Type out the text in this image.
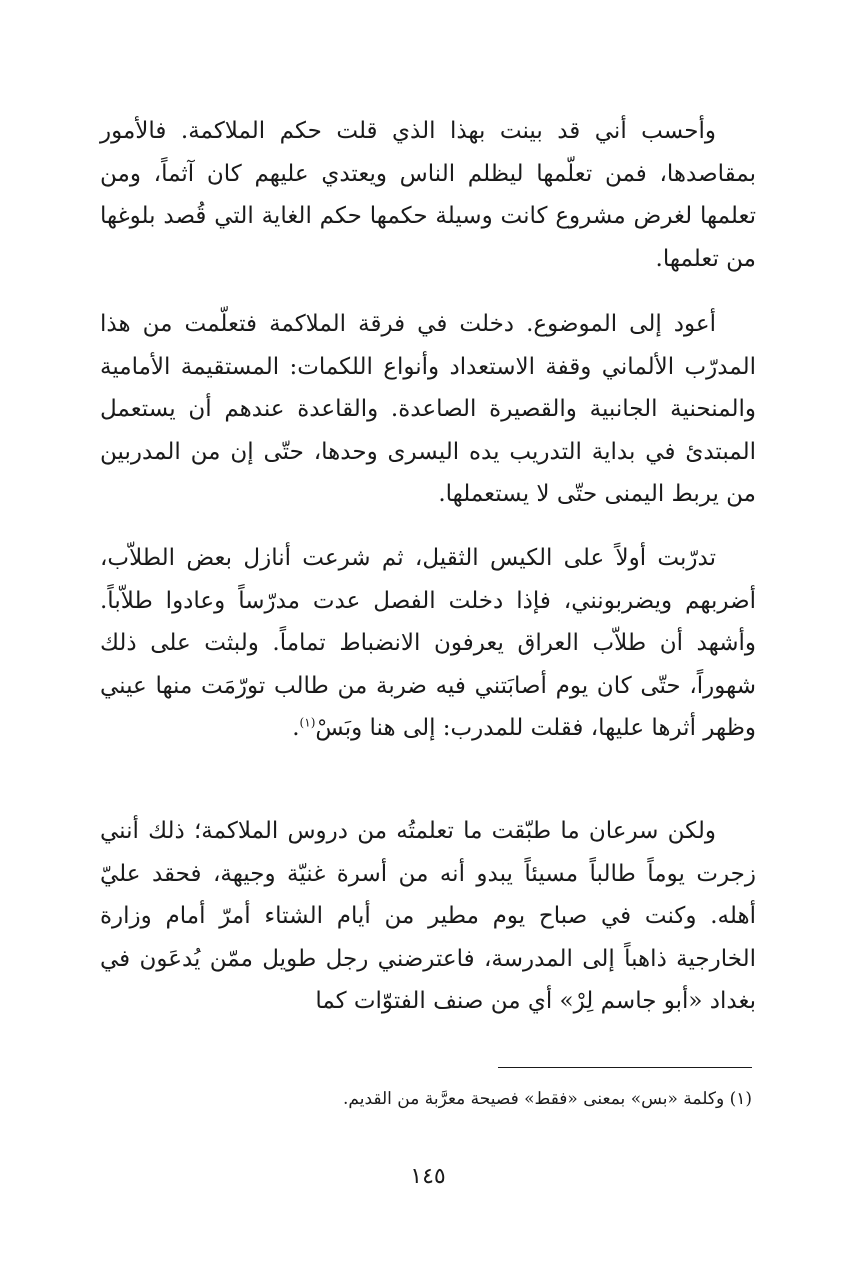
وأحسب أني قد بينت بهذا الذي قلت حكم الملاكمة. فالأمور بمقاصدها، فمن تعلّمها ليظلم الناس ويعتدي عليهم كان آثماً، ومن تعلمها لغرض مشروع كانت وسيلة حكمها حكم الغاية التي قُصد بلوغها من تعلمها.

أعود إلى الموضوع. دخلت في فرقة الملاكمة فتعلّمت من هذا المدرّب الألماني وقفة الاستعداد وأنواع اللكمات: المستقيمة الأمامية والمنحنية الجانبية والقصيرة الصاعدة. والقاعدة عندهم أن يستعمل المبتدئ في بداية التدريب يده اليسرى وحدها، حتّى إن من المدربين من يربط اليمنى حتّى لا يستعملها.

تدرّبت أولاً على الكيس الثقيل، ثم شرعت أنازل بعض الطلاّب، أضربهم ويضربونني، فإذا دخلت الفصل عدت مدرّساً وعادوا طلاّباً. وأشهد أن طلاّب العراق يعرفون الانضباط تماماً. ولبثت على ذلك شهوراً، حتّى كان يوم أصابَتني فيه ضربة من طالب تورّمَت منها عيني وظهر أثرها عليها، فقلت للمدرب: إلى هنا وبَسْ$^{(١)}$.

ولكن سرعان ما طبّقت ما تعلمتُه من دروس الملاكمة؛ ذلك أنني زجرت يوماً طالباً مسيئاً يبدو أنه من أسرة غنيّة وجيهة، فحقد عليّ أهله. وكنت في صباح يوم مطير من أيام الشتاء أمرّ أمام وزارة الخارجية ذاهباً إلى المدرسة، فاعترضني رجل طويل ممّن يُدعَون في بغداد «أبو جاسم لِرْ» أي من صنف الفتوّات كما

(١) وكلمة «بس» بمعنى «فقط» فصيحة معرَّبة من القديم.

١٤٥
